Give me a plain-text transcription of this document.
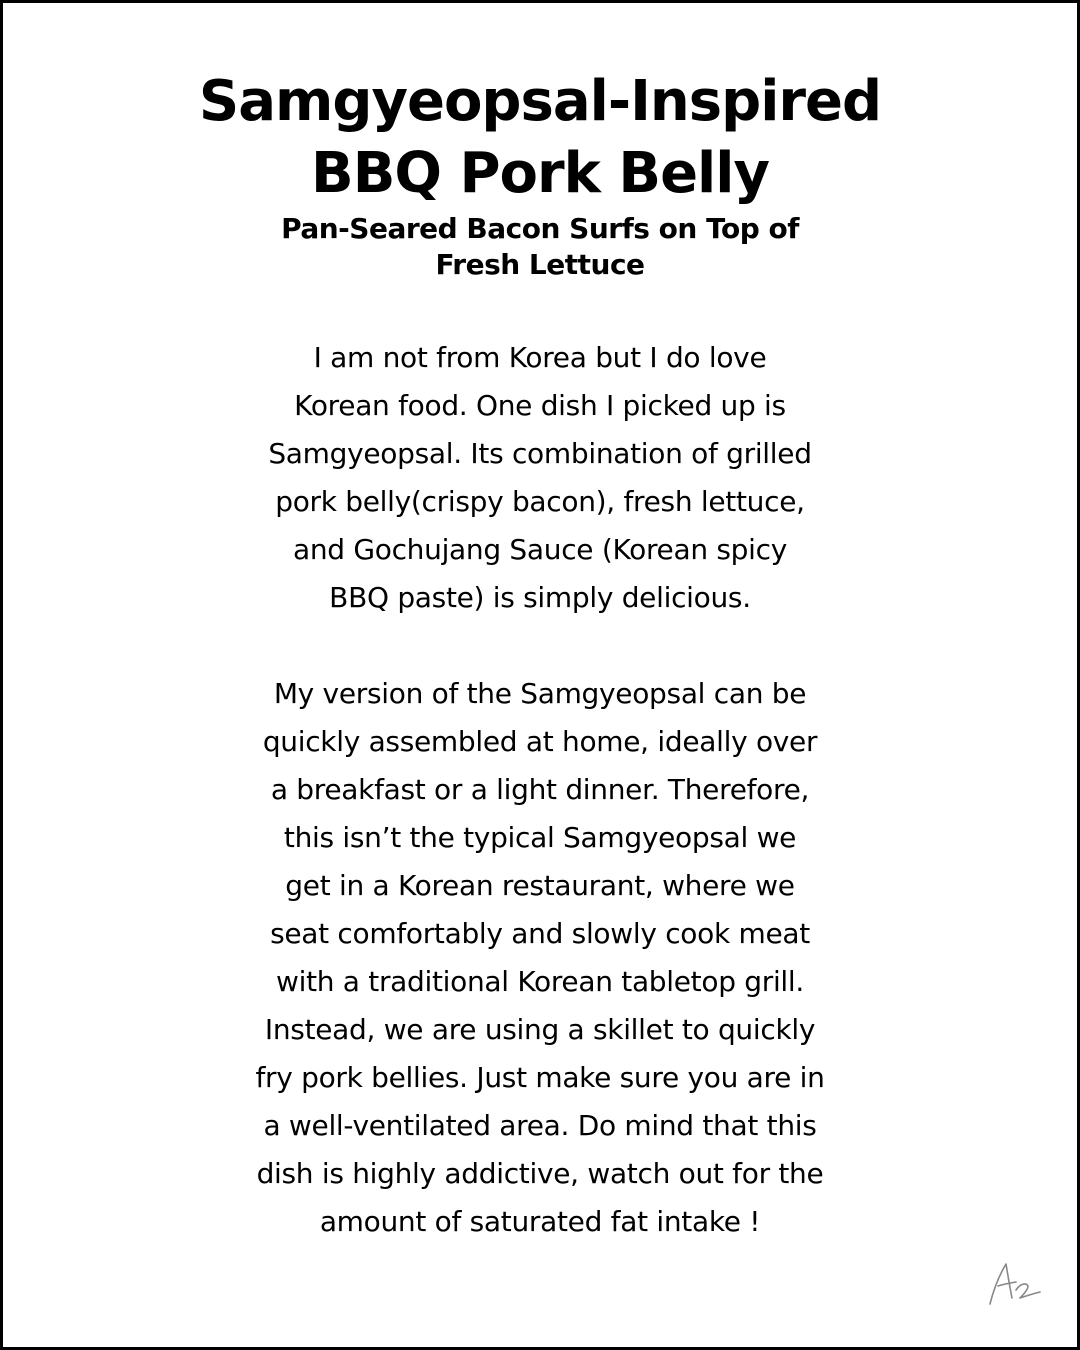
Samgyeopsal-Inspired
BBQ Pork Belly
Pan-Seared Bacon Surfs on Top of
Fresh Lettuce
I am not from Korea but I do love
Korean food. One dish I picked up is
Samgyeopsal. Its combination of grilled
pork belly(crispy bacon), fresh lettuce,
and Gochujang Sauce (Korean spicy
BBQ paste) is simply delicious.
My version of the Samgyeopsal can be
quickly assembled at home, ideally over
a breakfast or a light dinner. Therefore,
this isn’t the typical Samgyeopsal we
get in a Korean restaurant, where we
seat comfortably and slowly cook meat
with a traditional Korean tabletop grill.
Instead, we are using a skillet to quickly
fry pork bellies. Just make sure you are in
a well-ventilated area. Do mind that this
dish is highly addictive, watch out for the
amount of saturated fat intake !
